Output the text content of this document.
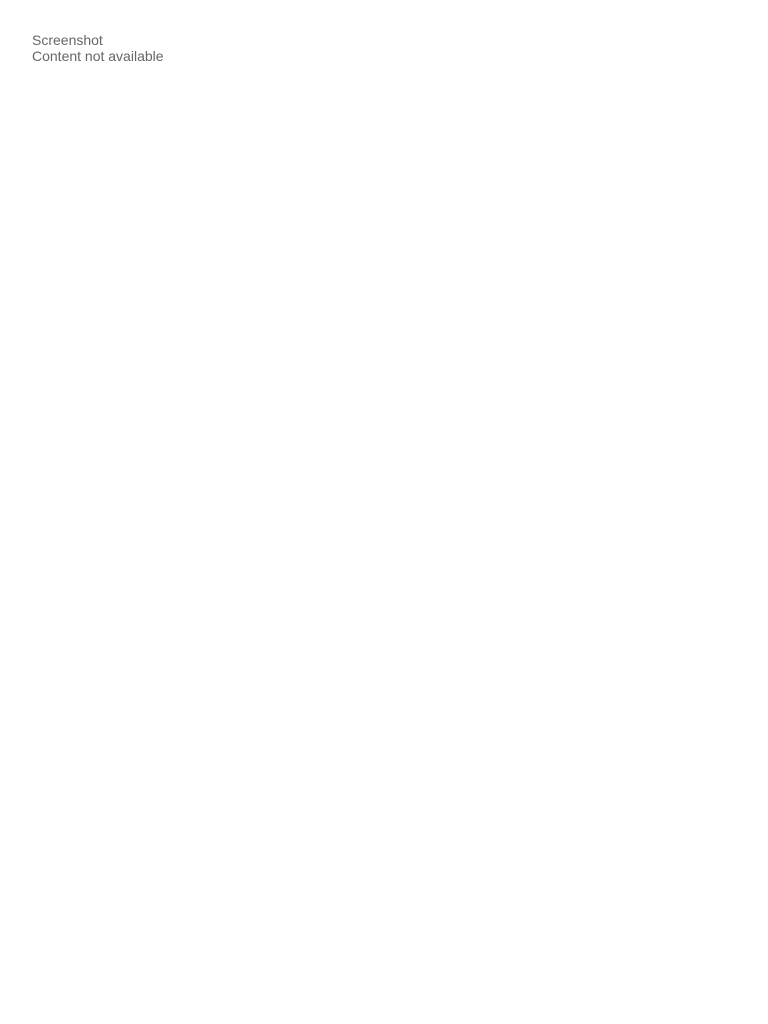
Screenshot
Content not available
